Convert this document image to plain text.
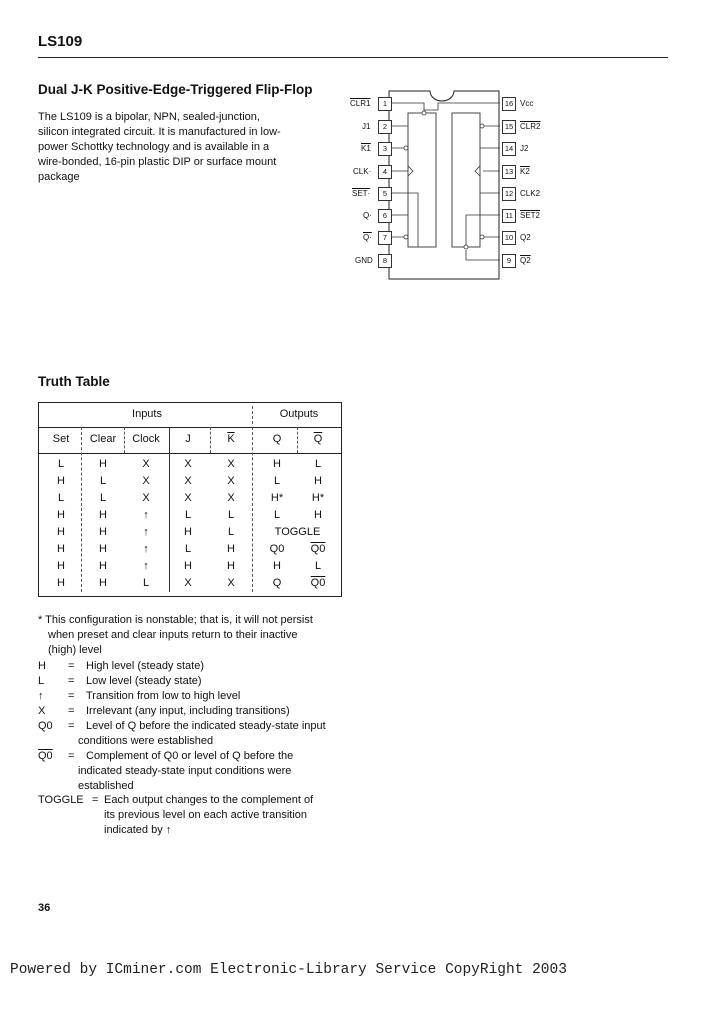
LS109
Dual J-K Positive-Edge-Triggered Flip-Flop
The LS109 is a bipolar, NPN, sealed-junction,
silicon integrated circuit. It is manufactured in low-
power Schottky technology and is available in a
wire-bonded, 16-pin plastic DIP or surface mount
package
1
CLR1
2
J1
3
K1
4
CLK·
5
SET·
6
Q·
7
Q·
8
GND
16 Vcc
15 CLR2
14 J2
13 K2
12 CLK2
11 SET2
10 Q2
9	Q2
Truth Table
Inputs	Outputs
Set	Clear	Clock	J	$\overline{K}$	Q	$\overline{Q}$
L	H	X	X	X	H	L
H	L	X	X	X	L	H
L	L	X	X	X	H*	H*
H	H	↑	L	L	L	H
H	H	↑	H	L	TOGGLE
H	H	↑	L	H	Q0	Q0
H	H	↑	H	H	H	L
H	H	L	X	X	Q	Q0
* This configuration is nonstable; that is, it will not persist
when preset and clear inputs return to their inactive
(high) level
H = High level (steady state)
L = Low level (steady state)
↑ = Transition from low to high level
X = Irrelevant (any input, including transitions)
Q0 = Level of Q before the indicated steady-state input
conditions were established
Q0 = Complement of Q0 or level of Q before the
indicated steady-state input conditions were
established
TOGGLE = Each output changes to the complement of
its previous level on each active transition
indicated by ↑
36
Powered by ICminer.com Electronic-Library Service CopyRight 2003
